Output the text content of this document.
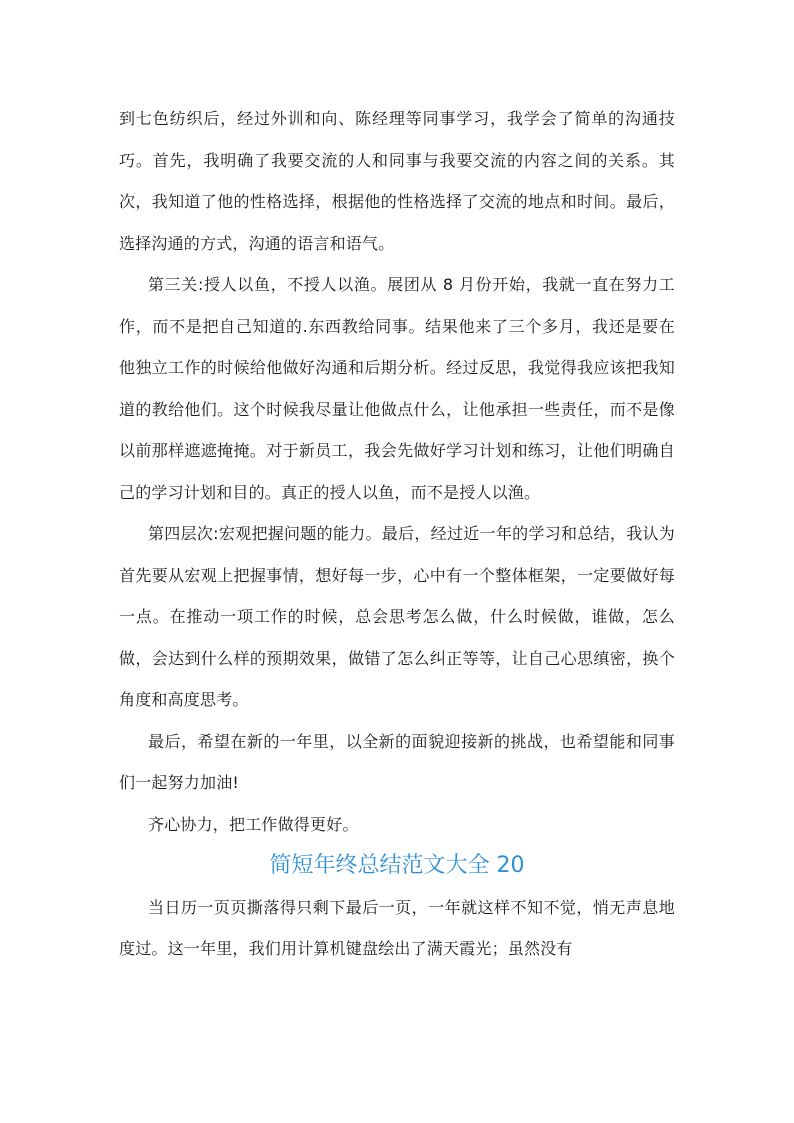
到七色纺织后，经过外训和向、陈经理等同事学习，我学会了简单的沟通技巧。首先，我明确了我要交流的人和同事与我要交流的内容之间的关系。其次，我知道了他的性格选择，根据他的性格选择了交流的地点和时间。最后，选择沟通的方式，沟通的语言和语气。

第三关:授人以鱼，不授人以渔。展团从 8 月份开始，我就一直在努力工作，而不是把自己知道的.东西教给同事。结果他来了三个多月，我还是要在他独立工作的时候给他做好沟通和后期分析。经过反思，我觉得我应该把我知道的教给他们。这个时候我尽量让他做点什么，让他承担一些责任，而不是像以前那样遮遮掩掩。对于新员工，我会先做好学习计划和练习，让他们明确自己的学习计划和目的。真正的授人以鱼，而不是授人以渔。

第四层次:宏观把握问题的能力。最后，经过近一年的学习和总结，我认为首先要从宏观上把握事情，想好每一步，心中有一个整体框架，一定要做好每一点。在推动一项工作的时候，总会思考怎么做，什么时候做，谁做，怎么做，会达到什么样的预期效果，做错了怎么纠正等等，让自己心思缜密，换个角度和高度思考。

最后，希望在新的一年里，以全新的面貌迎接新的挑战，也希望能和同事们一起努力加油!

齐心协力，把工作做得更好。

简短年终总结范文大全 20

当日历一页页撕落得只剩下最后一页，一年就这样不知不觉，悄无声息地度过。这一年里，我们用计算机键盘绘出了满天霞光；虽然没有
